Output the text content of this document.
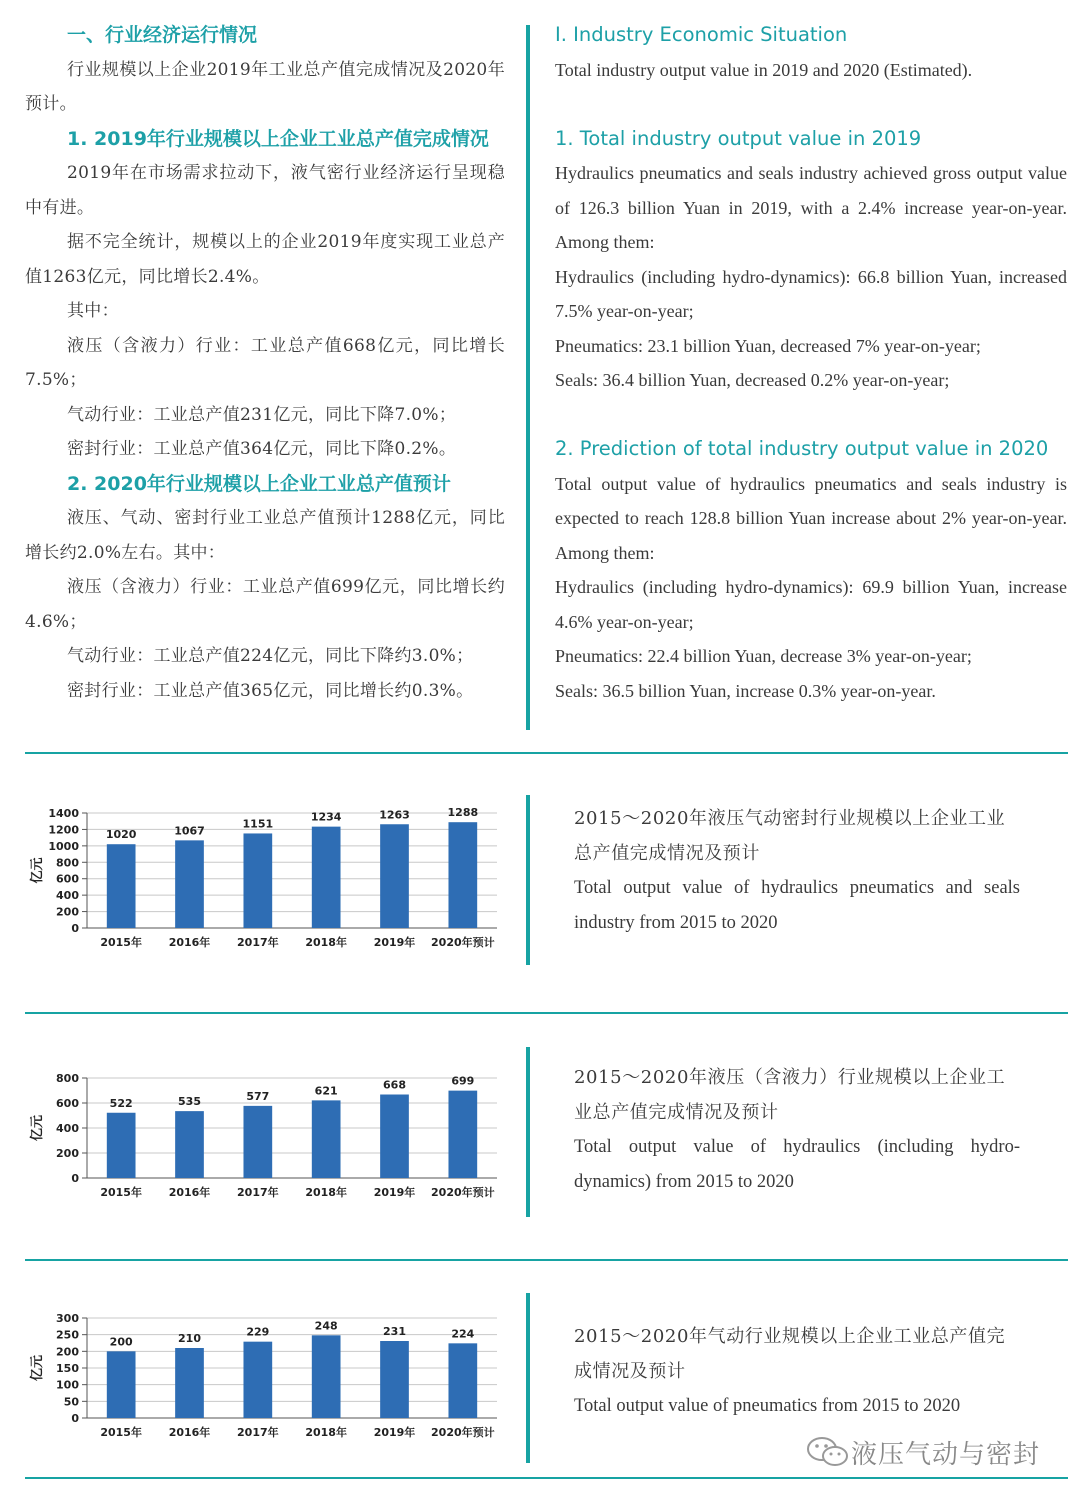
一、行业经济运行情况

行业规模以上企业2019年工业总产值完成情况及2020年预计。

1. 2019年行业规模以上企业工业总产值完成情况

2019年在市场需求拉动下，液气密行业经济运行呈现稳中有进。

据不完全统计，规模以上的企业2019年度实现工业总产值1263亿元，同比增长2.4%。

其中：

液压（含液力）行业：工业总产值668亿元，同比增长7.5%；

气动行业：工业总产值231亿元，同比下降7.0%；

密封行业：工业总产值364亿元，同比下降0.2%。

2. 2020年行业规模以上企业工业总产值预计

液压、气动、密封行业工业总产值预计1288亿元，同比增长约2.0%左右。其中：

液压（含液力）行业：工业总产值699亿元，同比增长约4.6%；

气动行业：工业总产值224亿元，同比下降约3.0%；

密封行业：工业总产值365亿元，同比增长约0.3%。

I. Industry Economic Situation

Total industry output value in 2019 and 2020 (Estimated).

1. Total industry output value in 2019

Hydraulics pneumatics and seals industry achieved gross output value of 126.3 billion Yuan in 2019, with a 2.4% increase year-on-year. Among them:

Hydraulics (including hydro-dynamics): 66.8 billion Yuan, increased 7.5% year-on-year;

Pneumatics: 23.1 billion Yuan, decreased 7% year-on-year;

Seals: 36.4 billion Yuan, decreased 0.2% year-on-year;

2. Prediction of total industry output value in 2020

Total output value of hydraulics pneumatics and seals industry is expected to reach 128.8 billion Yuan increase about 2% year-on-year. Among them:

Hydraulics (including hydro-dynamics): 69.9 billion Yuan, increase 4.6% year-on-year;

Pneumatics: 22.4 billion Yuan, decrease 3% year-on-year;

Seals: 36.5 billion Yuan, increase 0.3% year-on-year.

0
200
400
600
800
1000
1200
1400
亿元
1020
2015年
1067
2016年
1151
2017年
1234
2018年
1263
2019年
1288
2020年预计

2015～2020年液压气动密封行业规模以上企业工业总产值完成情况及预计

Total output value of hydraulics pneumatics and seals industry from 2015 to 2020

0
200
400
600
800
亿元
522
2015年
535
2016年
577
2017年
621
2018年
668
2019年
699
2020年预计

2015～2020年液压（含液力）行业规模以上企业工业总产值完成情况及预计

Total output value of hydraulics (including hydro-dynamics) from 2015 to 2020

0
50
100
150
200
250
300
亿元
200
2015年
210
2016年
229
2017年
248
2018年
231
2019年
224
2020年预计

2015～2020年气动行业规模以上企业工业总产值完成情况及预计

Total output value of pneumatics from 2015 to 2020

液压气动与密封
